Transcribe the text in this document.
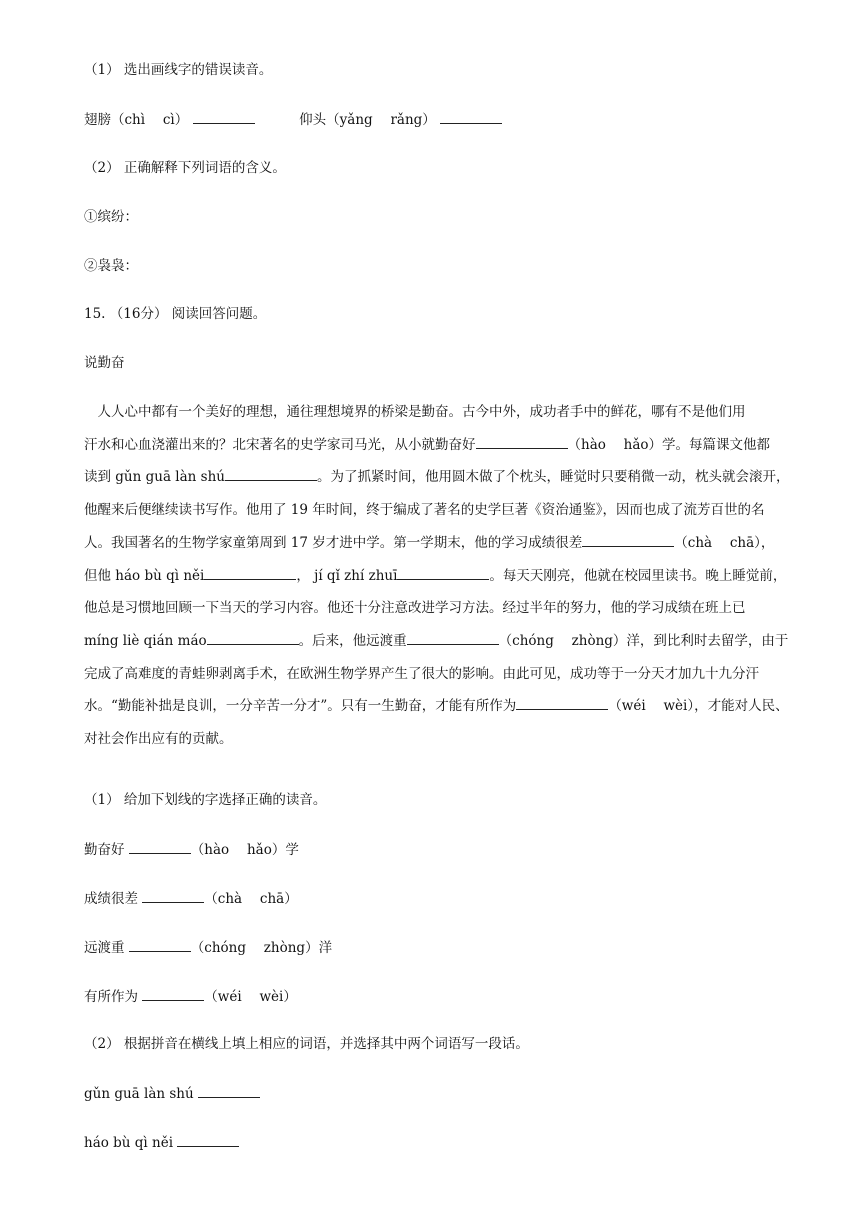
（1） 选出画线字的错误读音。
翅膀（chì　 cì）	仰头（yǎng　 rǎng）
（2） 正确解释下列词语的含义。
①缤纷：
②袅袅：
15. （16分） 阅读回答问题。
说勤奋
　人人心中都有一个美好的理想，通往理想境界的桥梁是勤奋。古今中外，成功者手中的鲜花，哪有不是他们用
汗水和心血浇灌出来的？北宋著名的史学家司马光，从小就勤奋好	（hào　 hǎo）学。每篇课文他都
读到 gǔn guā làn shú	。为了抓紧时间，他用圆木做了个枕头，睡觉时只要稍微一动，枕头就会滚开，
他醒来后便继续读书写作。他用了 19 年时间，终于编成了著名的史学巨著《资治通鉴》，因而也成了流芳百世的名
人。我国著名的生物学家童第周到 17 岁才进中学。第一学期末，他的学习成绩很差	（chà　 chā），
但他 háo bù qì něi	， jí qǐ zhí zhuī	。每天天刚亮，他就在校园里读书。晚上睡觉前，
他总是习惯地回顾一下当天的学习内容。他还十分注意改进学习方法。经过半年的努力，他的学习成绩在班上已
míng liè qián máo	。后来，他远渡重	（chóng　 zhòng）洋，到比利时去留学，由于
完成了高难度的青蛙卵剥离手术，在欧洲生物学界产生了很大的影响。由此可见，成功等于一分天才加九十九分汗
水。“勤能补拙是良训，一分辛苦一分才”。只有一生勤奋，才能有所作为	（wéi　 wèi），才能对人民、
对社会作出应有的贡献。
（1） 给加下划线的字选择正确的读音。
勤奋好	（hào　 hǎo）学
成绩很差	（chà　 chā）
远渡重	（chóng　 zhòng）洋
有所作为	（wéi　 wèi）
（2） 根据拼音在横线上填上相应的词语，并选择其中两个词语写一段话。
gǔn guā làn shú
háo bù qì něi
